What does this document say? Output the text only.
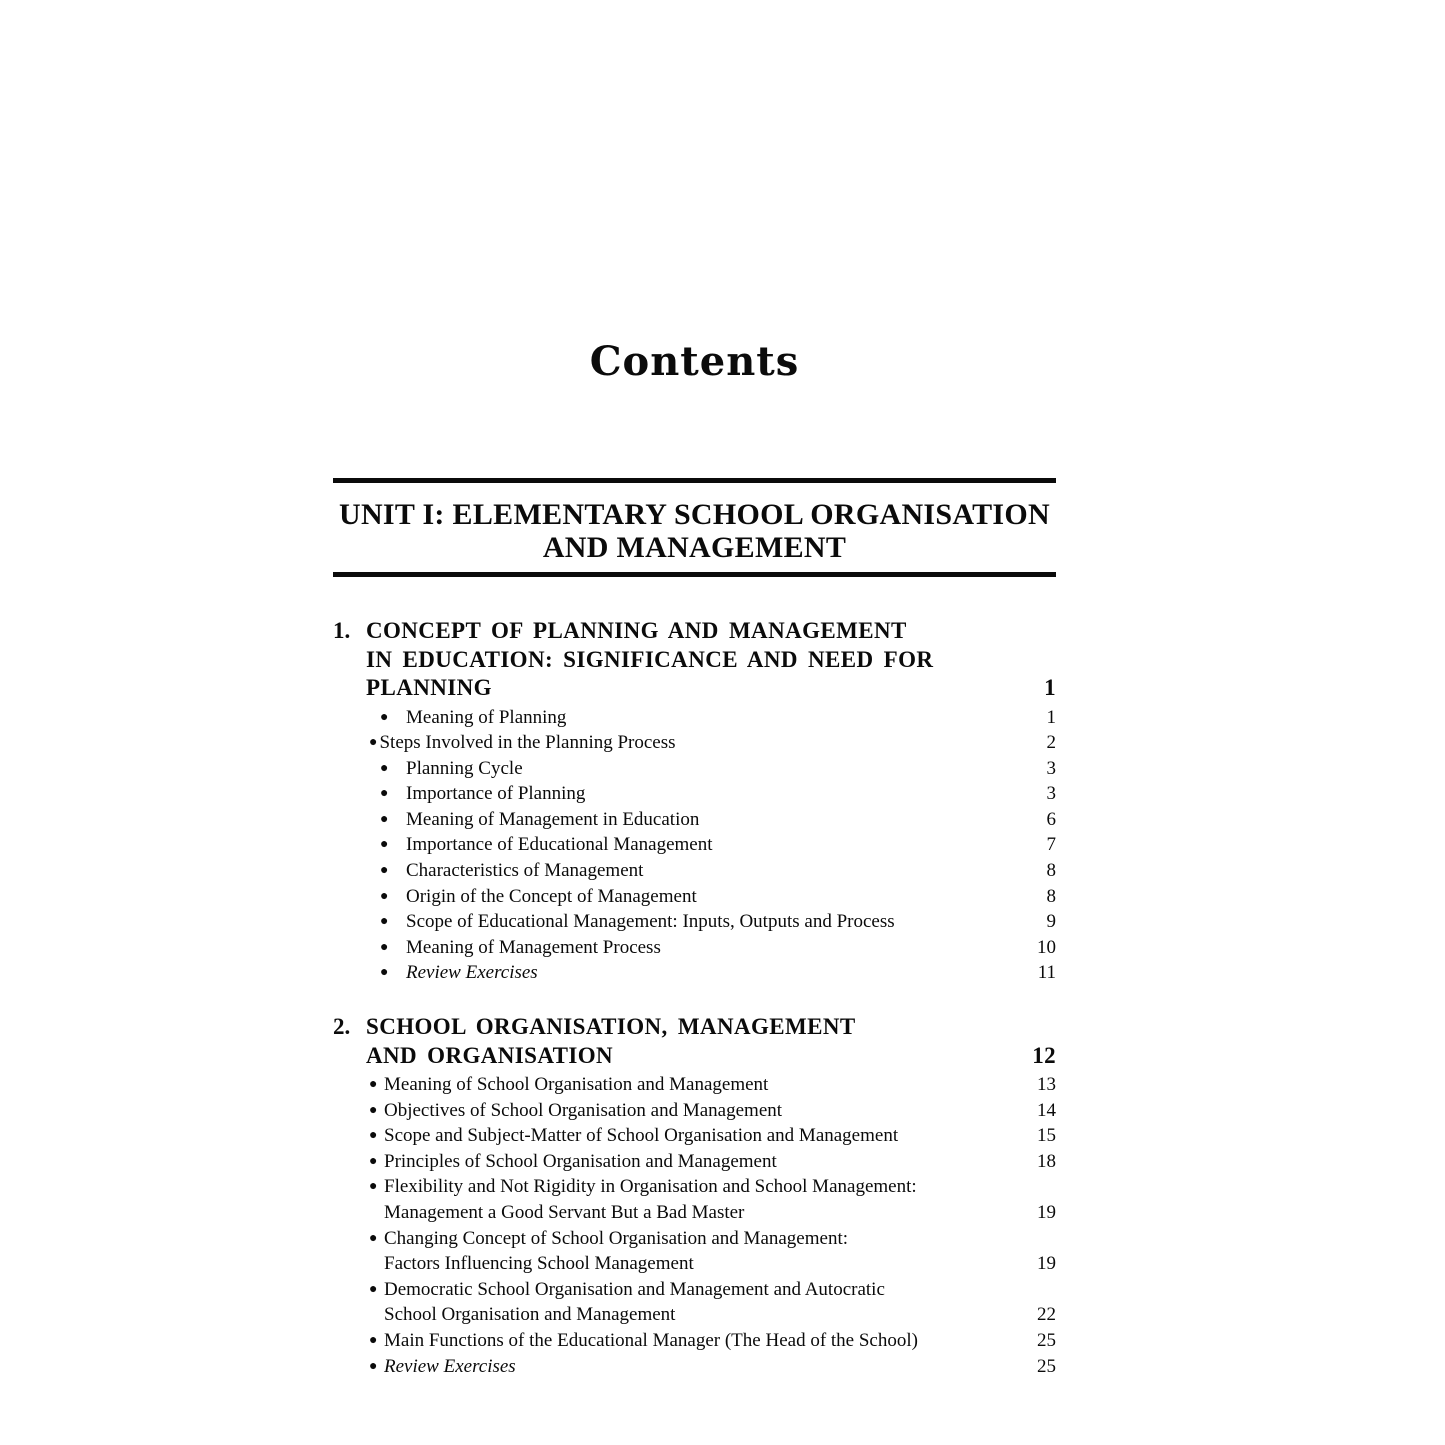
Contents
UNIT I: ELEMENTARY SCHOOL ORGANISATION
AND MANAGEMENT
1. CONCEPT OF PLANNING AND MANAGEMENT
IN EDUCATION: SIGNIFICANCE AND NEED FOR
PLANNING	1
● Meaning of Planning	1
● Steps Involved in the Planning Process	2
● Planning Cycle	3
● Importance of Planning	3
● Meaning of Management in Education	6
● Importance of Educational Management	7
● Characteristics of Management	8
● Origin of the Concept of Management	8
● Scope of Educational Management: Inputs, Outputs and Process	9
● Meaning of Management Process	10
● Review Exercises	11
2. SCHOOL ORGANISATION, MANAGEMENT
AND ORGANISATION	12
● Meaning of School Organisation and Management	13
● Objectives of School Organisation and Management	14
● Scope and Subject-Matter of School Organisation and Management	15
● Principles of School Organisation and Management	18
● Flexibility and Not Rigidity in Organisation and School Management:
Management a Good Servant But a Bad Master	19
● Changing Concept of School Organisation and Management:
Factors Influencing School Management	19
● Democratic School Organisation and Management and Autocratic
School Organisation and Management	22
● Main Functions of the Educational Manager (The Head of the School)	25
● Review Exercises	25
